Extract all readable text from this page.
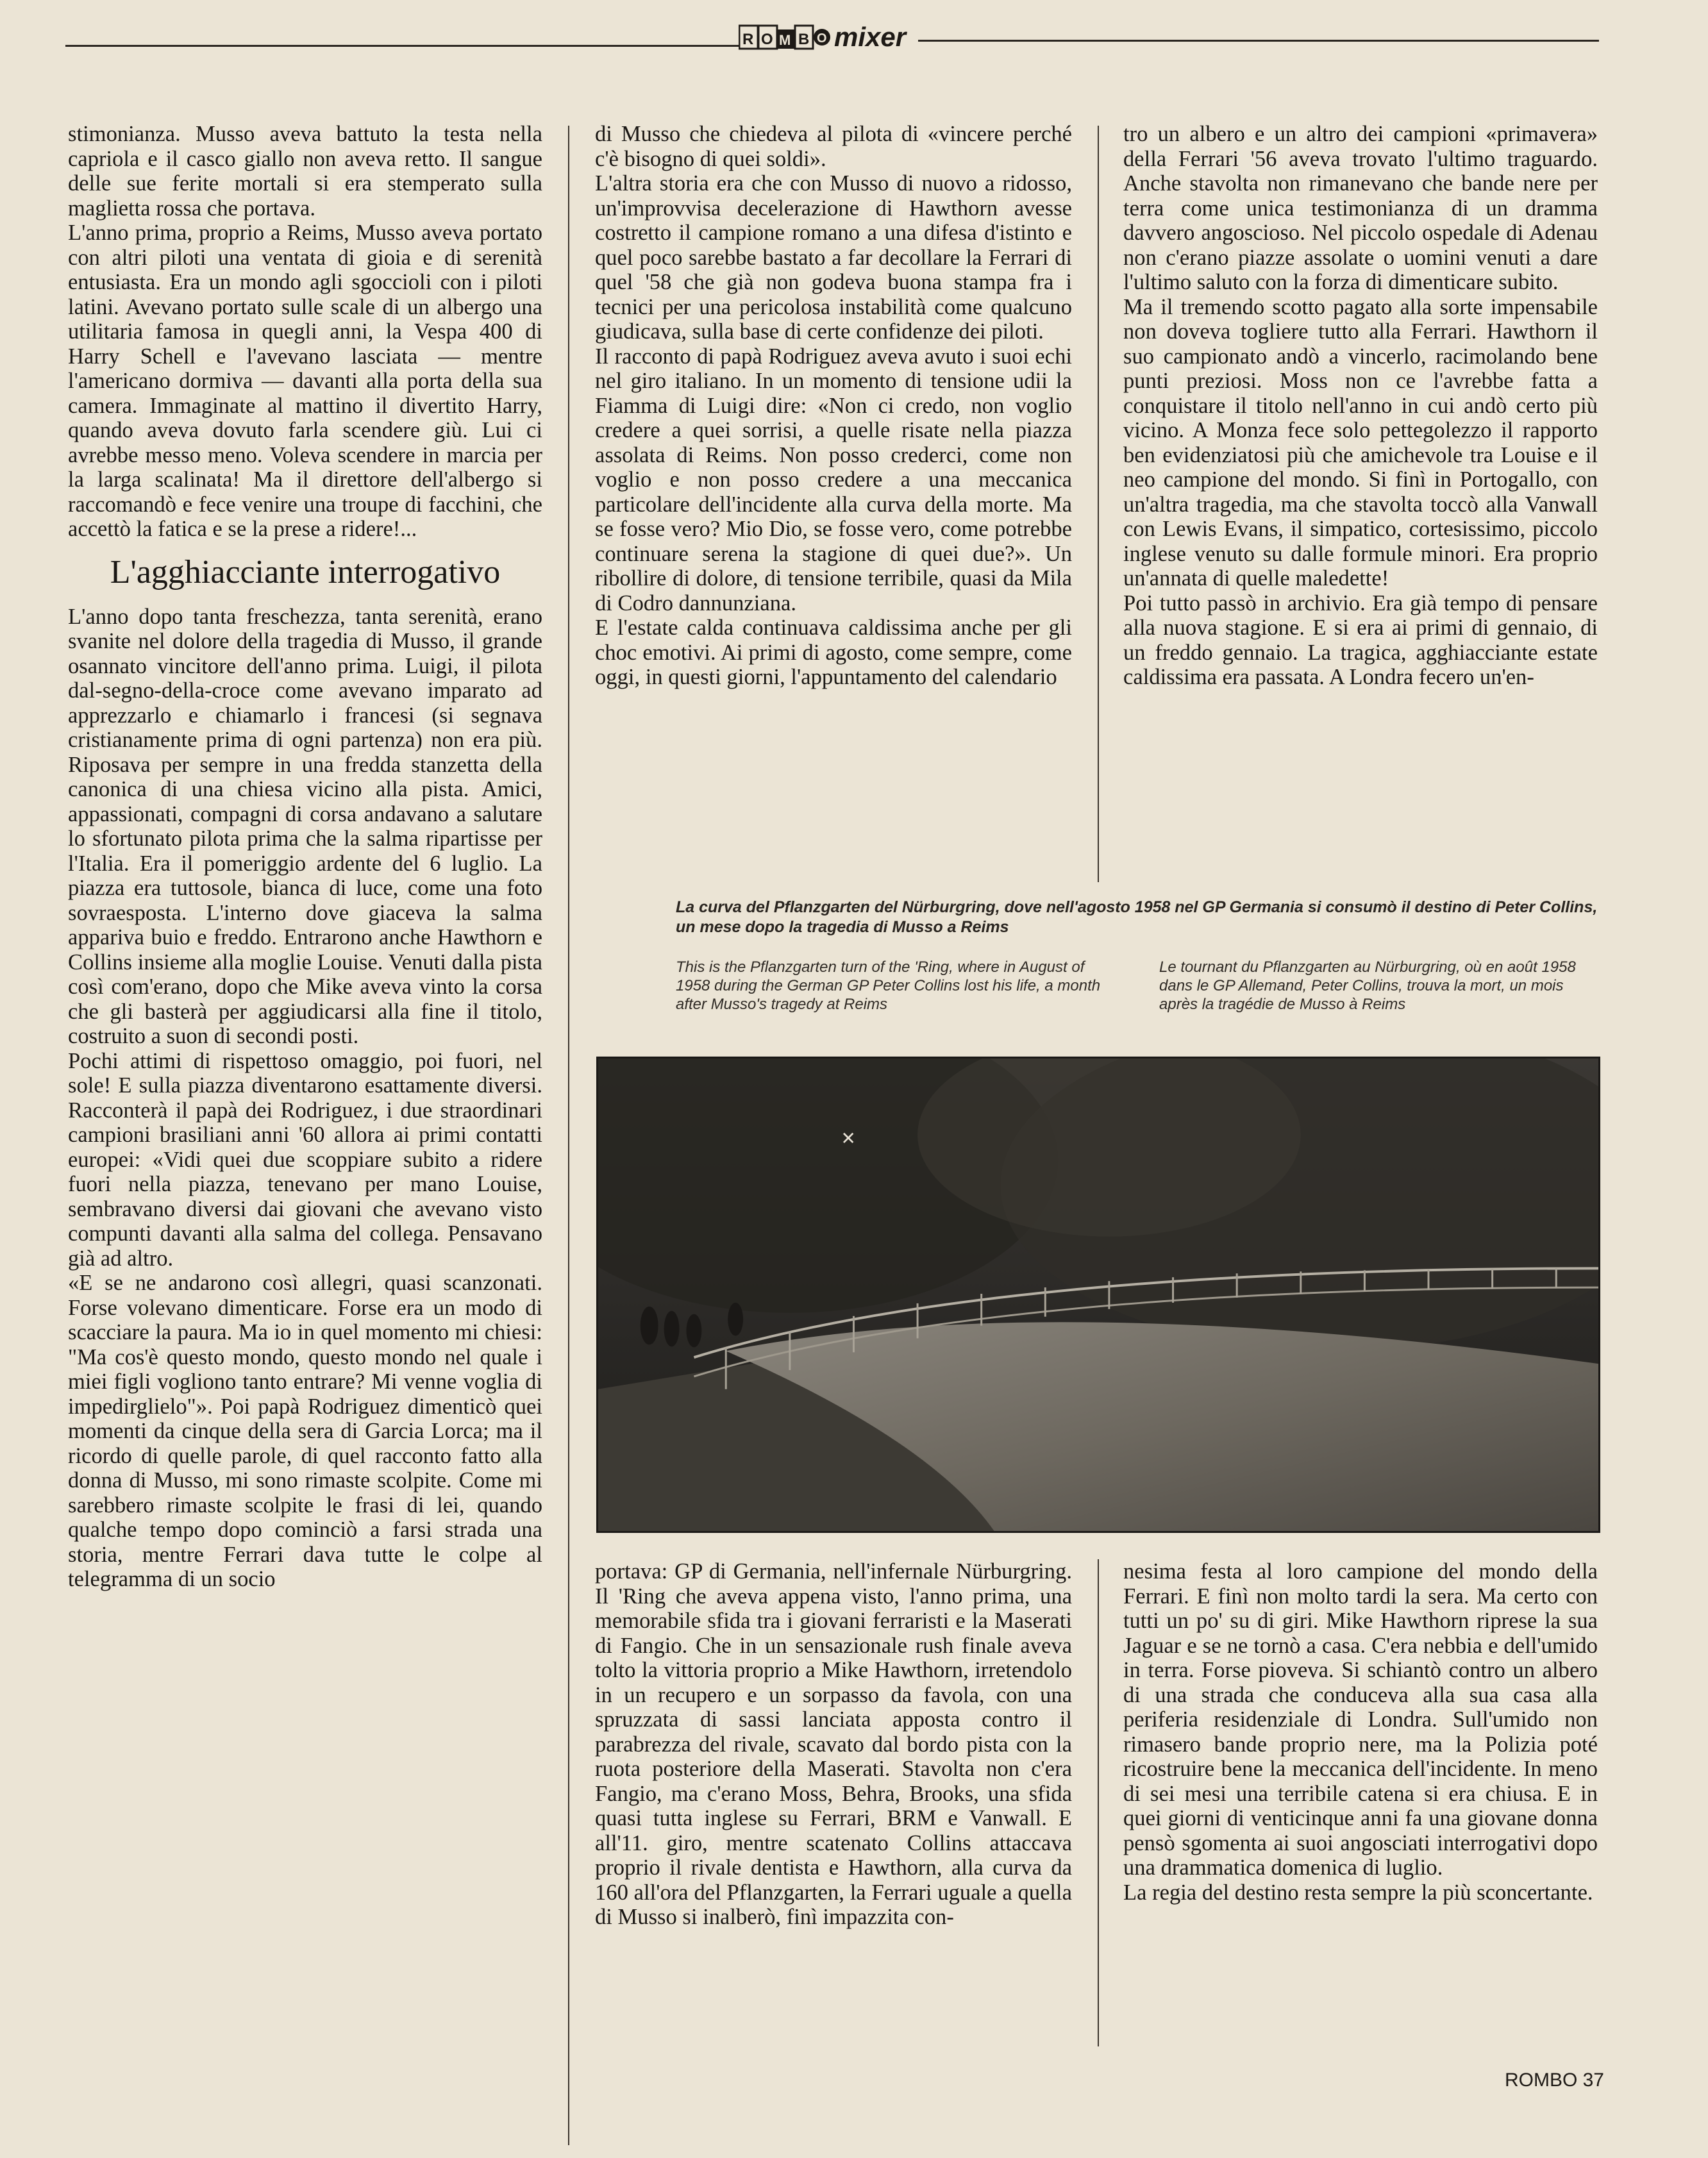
R O M B O mixer

stimonianza. Musso aveva battuto la testa nella capriola e il casco giallo non aveva retto. Il sangue delle sue ferite mortali si era stemperato sulla maglietta rossa che portava.

L'anno prima, proprio a Reims, Musso aveva portato con altri piloti una ventata di gioia e di serenità entusiasta. Era un mondo agli sgoccioli con i piloti latini. Avevano portato sulle scale di un albergo una utilitaria famosa in quegli anni, la Vespa 400 di Harry Schell e l'avevano lasciata — mentre l'americano dormiva — davanti alla porta della sua camera. Immaginate al mattino il divertito Harry, quando aveva dovuto farla scendere giù. Lui ci avrebbe messo meno. Voleva scendere in marcia per la larga scalinata! Ma il direttore dell'albergo si raccomandò e fece venire una troupe di facchini, che accettò la fatica e se la prese a ridere!...

L'agghiacciante interrogativo

L'anno dopo tanta freschezza, tanta serenità, erano svanite nel dolore della tragedia di Musso, il grande osannato vincitore dell'anno prima. Luigi, il pilota dal-segno-della-croce come avevano imparato ad apprezzarlo e chiamarlo i francesi (si segnava cristianamente prima di ogni partenza) non era più. Riposava per sempre in una fredda stanzetta della canonica di una chiesa vicino alla pista. Amici, appassionati, compagni di corsa andavano a salutare lo sfortunato pilota prima che la salma ripartisse per l'Italia. Era il pomeriggio ardente del 6 luglio. La piazza era tuttosole, bianca di luce, come una foto sovraesposta. L'interno dove giaceva la salma appariva buio e freddo. Entrarono anche Hawthorn e Collins insieme alla moglie Louise. Venuti dalla pista così com'erano, dopo che Mike aveva vinto la corsa che gli basterà per aggiudicarsi alla fine il titolo, costruito a suon di secondi posti.

Pochi attimi di rispettoso omaggio, poi fuori, nel sole! E sulla piazza diventarono esattamente diversi. Racconterà il papà dei Rodriguez, i due straordinari campioni brasiliani anni '60 allora ai primi contatti europei: «Vidi quei due scoppiare subito a ridere fuori nella piazza, tenevano per mano Louise, sembravano diversi dai giovani che avevano visto compunti davanti alla salma del collega. Pensavano già ad altro.

«E se ne andarono così allegri, quasi scanzonati. Forse volevano dimenticare. Forse era un modo di scacciare la paura. Ma io in quel momento mi chiesi: "Ma cos'è questo mondo, questo mondo nel quale i miei figli vogliono tanto entrare? Mi venne voglia di impedirglielo"». Poi papà Rodriguez dimenticò quei momenti da cinque della sera di Garcia Lorca; ma il ricordo di quelle parole, di quel racconto fatto alla donna di Musso, mi sono rimaste scolpite. Come mi sarebbero rimaste scolpite le frasi di lei, quando qualche tempo dopo cominciò a farsi strada una storia, mentre Ferrari dava tutte le colpe al telegramma di un socio

di Musso che chiedeva al pilota di «vincere perché c'è bisogno di quei soldi».

L'altra storia era che con Musso di nuovo a ridosso, un'improvvisa decelerazione di Hawthorn avesse costretto il campione romano a una difesa d'istinto e quel poco sarebbe bastato a far decollare la Ferrari di quel '58 che già non godeva buona stampa fra i tecnici per una pericolosa instabilità come qualcuno giudicava, sulla base di certe confidenze dei piloti.

Il racconto di papà Rodriguez aveva avuto i suoi echi nel giro italiano. In un momento di tensione udii la Fiamma di Luigi dire: «Non ci credo, non voglio credere a quei sorrisi, a quelle risate nella piazza assolata di Reims. Non posso crederci, come non voglio e non posso credere a una meccanica particolare dell'incidente alla curva della morte. Ma se fosse vero? Mio Dio, se fosse vero, come potrebbe continuare serena la stagione di quei due?». Un ribollire di dolore, di tensione terribile, quasi da Mila di Codro dannunziana.

E l'estate calda continuava caldissima anche per gli choc emotivi. Ai primi di agosto, come sempre, come oggi, in questi giorni, l'appuntamento del calendario

tro un albero e un altro dei campioni «primavera» della Ferrari '56 aveva trovato l'ultimo traguardo. Anche stavolta non rimanevano che bande nere per terra come unica testimonianza di un dramma davvero angoscioso. Nel piccolo ospedale di Adenau non c'erano piazze assolate o uomini venuti a dare l'ultimo saluto con la forza di dimenticare subito.

Ma il tremendo scotto pagato alla sorte impensabile non doveva togliere tutto alla Ferrari. Hawthorn il suo campionato andò a vincerlo, racimolando bene punti preziosi. Moss non ce l'avrebbe fatta a conquistare il titolo nell'anno in cui andò certo più vicino. A Monza fece solo pettegolezzo il rapporto ben evidenziatosi più che amichevole tra Louise e il neo campione del mondo. Si finì in Portogallo, con un'altra tragedia, ma che stavolta toccò alla Vanwall con Lewis Evans, il simpatico, cortesissimo, piccolo inglese venuto su dalle formule minori. Era proprio un'annata di quelle maledette!

Poi tutto passò in archivio. Era già tempo di pensare alla nuova stagione. E si era ai primi di gennaio, di un freddo gennaio. La tragica, agghiacciante estate caldissima era passata. A Londra fecero un'en-

La curva del Pflanzgarten del Nürburgring, dove nell'agosto 1958 nel GP Germania si consumò il destino di Peter Collins, un mese dopo la tragedia di Musso a Reims
This is the Pflanzgarten turn of the 'Ring, where in August of 1958 during the German GP Peter Collins lost his life, a month after Musso's tragedy at Reims
Le tournant du Pflanzgarten au Nürburgring, où en août 1958 dans le GP Allemand, Peter Collins, trouva la mort, un mois après la tragédie de Musso à Reims
✕

portava: GP di Germania, nell'infernale Nürburgring. Il 'Ring che aveva appena visto, l'anno prima, una memorabile sfida tra i giovani ferraristi e la Maserati di Fangio. Che in un sensazionale rush finale aveva tolto la vittoria proprio a Mike Hawthorn, irretendolo in un recupero e un sorpasso da favola, con una spruzzata di sassi lanciata apposta contro il parabrezza del rivale, scavato dal bordo pista con la ruota posteriore della Maserati. Stavolta non c'era Fangio, ma c'erano Moss, Behra, Brooks, una sfida quasi tutta inglese su Ferrari, BRM e Vanwall. E all'11. giro, mentre scatenato Collins attaccava proprio il rivale dentista e Hawthorn, alla curva da 160 all'ora del Pflanzgarten, la Ferrari uguale a quella di Musso si inalberò, finì impazzita con-

nesima festa al loro campione del mondo della Ferrari. E finì non molto tardi la sera. Ma certo con tutti un po' su di giri. Mike Hawthorn riprese la sua Jaguar e se ne tornò a casa. C'era nebbia e dell'umido in terra. Forse pioveva. Si schiantò contro un albero di una strada che conduceva alla sua casa alla periferia residenziale di Londra. Sull'umido non rimasero bande proprio nere, ma la Polizia poté ricostruire bene la meccanica dell'incidente. In meno di sei mesi una terribile catena si era chiusa. E in quei giorni di venticinque anni fa una giovane donna pensò sgomenta ai suoi angosciati interrogativi dopo una drammatica domenica di luglio.

La regia del destino resta sempre la più sconcertante.

ROMBO 37
